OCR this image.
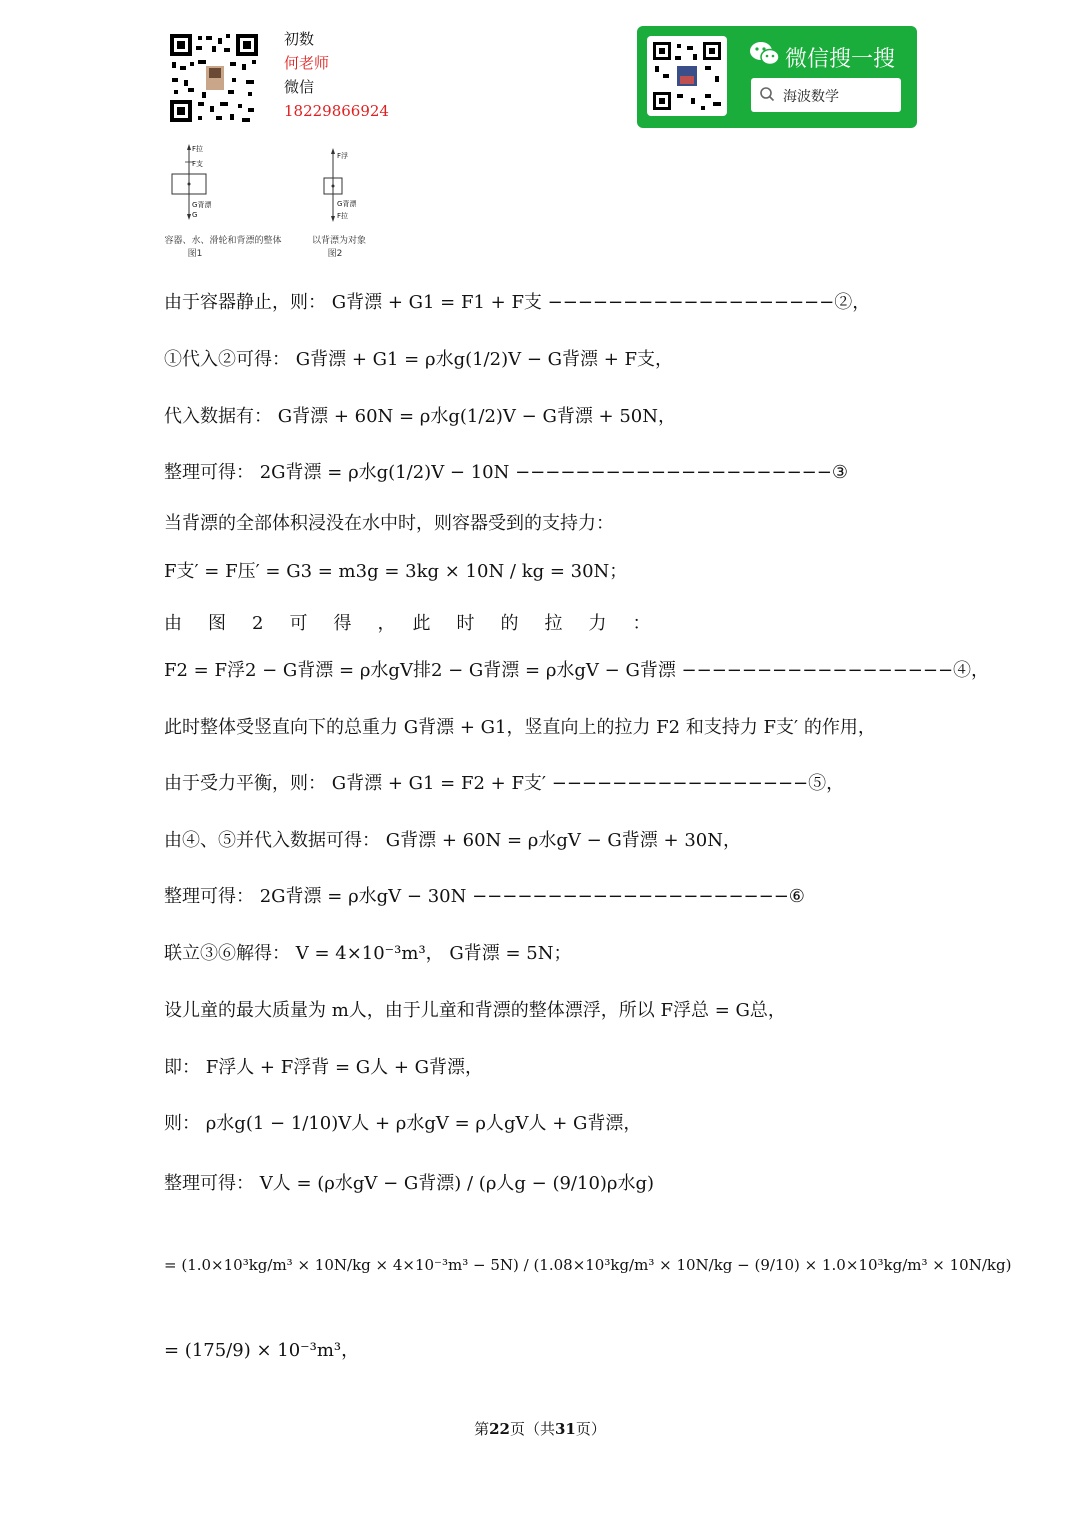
初数
何老师
微信
18229866924
微信搜一搜
海波数学
F拉
F支
G背漂
G
容器、水、滑轮和背漂的整体
图1
F浮
G背漂
F拉
以背漂为对象
图2
由于容器静止，则： G背漂 + G1 = F1 + F支 −−−−−−−−−−−−−−−−−−−②，
①代入②可得： G背漂 + G1 = ρ水g(1/2)V − G背漂 + F支，
代入数据有： G背漂 + 60N = ρ水g(1/2)V − G背漂 + 50N，
整理可得： 2G背漂 = ρ水g(1/2)V − 10N −−−−−−−−−−−−−−−−−−−−−③
当背漂的全部体积浸没在水中时，则容器受到的支持力：
F支′ = F压′ = G3 = m3g = 3kg × 10N / kg = 30N；
由　图　2　可　得　，　此　时　的　拉　力　：
F2 = F浮2 − G背漂 = ρ水gV排2 − G背漂 = ρ水gV − G背漂 −−−−−−−−−−−−−−−−−−④，
此时整体受竖直向下的总重力 G背漂 + G1，竖直向上的拉力 F2 和支持力 F支′ 的作用，
由于受力平衡，则： G背漂 + G1 = F2 + F支′ −−−−−−−−−−−−−−−−−⑤，
由④、⑤并代入数据可得： G背漂 + 60N = ρ水gV − G背漂 + 30N，
整理可得： 2G背漂 = ρ水gV − 30N −−−−−−−−−−−−−−−−−−−−−⑥
联立③⑥解得： V = 4×10⁻³m³， G背漂 = 5N；
设儿童的最大质量为 m人，由于儿童和背漂的整体漂浮，所以 F浮总 = G总，
即： F浮人 + F浮背 = G人 + G背漂，
则： ρ水g(1 − 1/10)V人 + ρ水gV = ρ人gV人 + G背漂，
整理可得： V人 = (ρ水gV − G背漂) / (ρ人g − (9/10)ρ水g)
= (1.0×10³kg/m³ × 10N/kg × 4×10⁻³m³ − 5N) / (1.08×10³kg/m³ × 10N/kg − (9/10) × 1.0×10³kg/m³ × 10N/kg)
= (175/9) × 10⁻³m³，
第22页（共31页）
